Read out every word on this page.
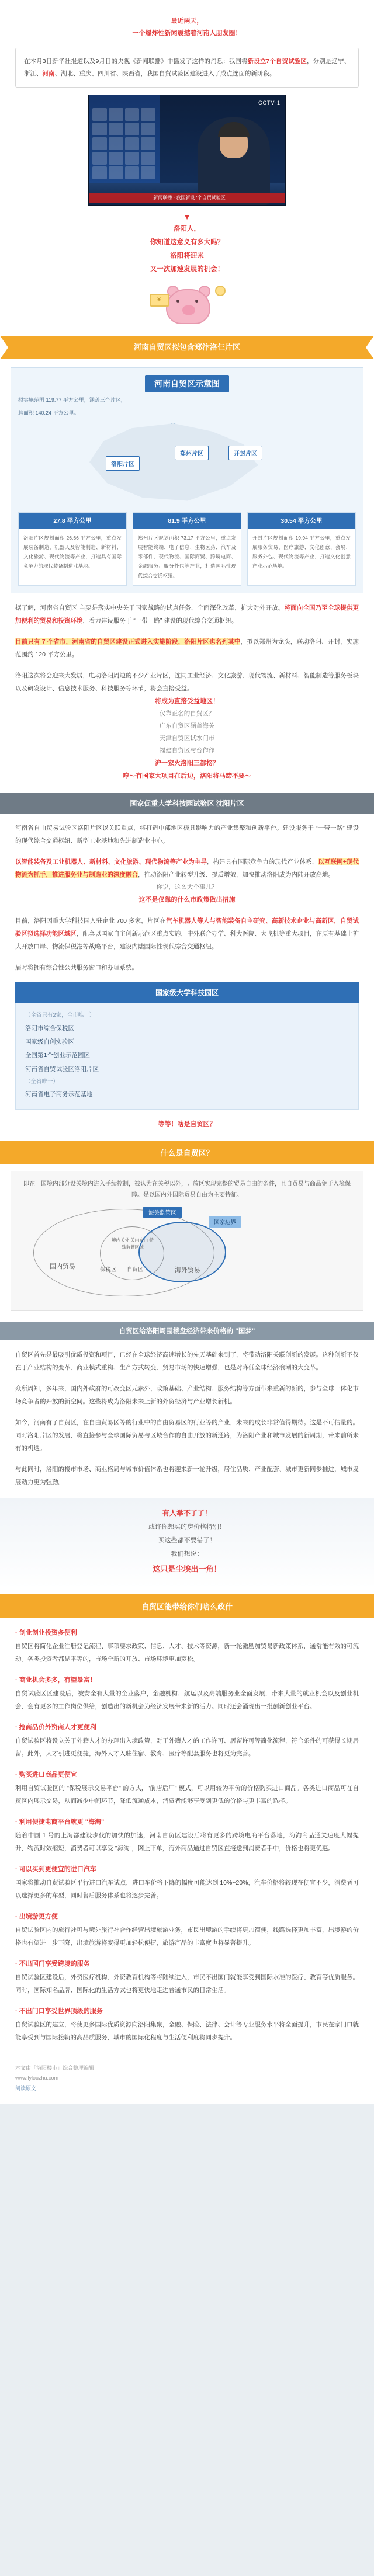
最近两天，
一个爆炸性新闻震撼着河南人朋友圈！
在本月3日新华社报道以及9月日的央视《新闻联播》中播发了这样的消息：我国将新设立7个自贸试验区，分别是辽宁、浙江、河南、湖北、重庆、四川省、陕西省，我国自贸试验区建设进入了成点连面的新阶段。
CCTV-1
新闻联播 · 我国新设7个自贸试验区
▼
洛阳人，
你知道这意义有多大吗？
洛阳将迎来
又一次加速发展的机会！
¥
河南自贸区拟包含郑汴洛仨片区
河南自贸区示意图
拟实施范围 119.77 平方公里，涵盖三个片区，
总面积 140.24 平方公里。
洛阳片区
郑州片区	开封片区
27.8 平方公里
洛阳片区规划面积 26.66 平方公里，重点发展装备制造、机器人及智能制造、新材料、文化旅游、现代物流等产业，打造具有国际竞争力的现代装备制造业基地。
81.9 平方公里
郑州片区规划面积 73.17 平方公里，重点发展智能终端、电子信息、生物医药、汽车及零部件、现代物流、国际商贸、跨境电商、金融服务、服务外包等产业，打造国际性现代综合交通枢纽。
30.54 平方公里
开封片区规划面积 19.94 平方公里，重点发展服务贸易、医疗旅游、文化创意、会展、服务外包、现代物流等产业，打造文化创意产业示范基地。

据了解，河南省自贸区 主要是落实中央关于国家战略的试点任务，全面深化改革，扩大对外开放。将面向全国乃至全球提供更加便利的贸易和投资环境，着力建设服务于 “一带一路” 建设的现代综合交通枢纽。

目前只有 7 个省市，河南省的自贸区建设正式进入实施阶段，洛阳片区也名列其中，拟以郑州为龙头，联动洛阳、开封，实施范围约 120 平方公里。

洛阳这次将会迎来大发展，电动洛阳周边的不少产业片区，连同工业经济、文化旅游、现代物流、新材料、智能制造等服务板块以及研发设计、信息技术服务、科技服务等环节，将会直接受益。

将成为直接受益地区！
仅靠正名的自贸区？
广东自贸区涵盖海关
天津自贸区试水门市
福建自贸区与台作作
沪一家火洛阳三都榜？
哼～有国家大项目在后边，洛阳将马蹄不要～
国家促重大学科技园试验区 沈阳片区

河南省自由贸易试验区洛阳片区以关联重点，将打造中部地区极具影响力的产业集聚和创新平台。建设服务于 “一带一路” 建设的现代综合交通枢纽、新型工业基地和先进制造业中心。

以智能装备及工业机器人、新材料、文化旅游、现代物流等产业为主导，构建具有国际竞争力的现代产业体系，以互联网+现代物流为抓手，推进服务业与制造业的深度融合，推动洛阳产业转型升级、提质增效，加快推动洛阳成为内陆开放高地。

你说，这么大个事儿？
这不是仅靠的什么市政策做出措施

目前，洛阳因重大学科技园入驻企业 700 多家，片区在汽车机器人等人与智能装备自主研究、高新技术企业与高新区，自贸试验区拟选择功能区域区，配套以国家自主创新示范区重点实施，中外联合办学、科大医院、大飞机等重大项目，在原有基础上扩大开放口岸、物流保税港等战略平台，建设内陆国际性现代综合交通枢纽。

届时将拥有综合性公共服务窗口和办理系统。

国家级大学科技园区
（全省只有2家，全市唯一）
洛阳市综合保税区
国家级自创实验区
全国第1个创业示范园区
河南省自贸试验区洛阳片区
（全省唯一）
河南省电子商务示范基地
等等！啥是自贸区？
什么是自贸区？
即在一国境内部分设关境内进入手续控制，被认为在关税以外，开放区实现完整的贸易自由的条件，且自贸易与商品免于入境保障。是以国内外国际贸易自由为主要特征。
海关监管区
国家边界
国内贸易	保税区 自贸区	海外贸易
境内关外 关内自由 特殊监管区域
自贸区给洛阳周围楼盘经济带来价格的 "国梦"

自贸区首先是最吸引优质投资和项目，已经在全球经济高速增长的先天基础来到了，将带动洛阳关联创新的发展。这种创新不仅在于产业结构的变革、商业模式重构、生产方式转变、贸易市场的快速增强，也是对降低全球经济浪潮的大变革。

众所周知，多年来，国内外政府的可改变区元素外，政策基础、产业结构、服务结构等方面带来重新的新的，参与全球一体化市场竞争者的开放的新空间。这些将成为洛阳未来上新的外贸经济与产业增长新机。

如今，河南有了自贸区，在自由贸易区等的行业中的自由贸易区的行业等的产业，未来的成长非常值得期待。这是不可估量的。同时洛阳片区的发展，将直接参与全球国际贸易与区域合作的自由开放的新通路，为洛阳产业和城市发展的新周期，带来前所未有的机遇。

与此同时，洛阳的楼市市场、商业格局与城市价值体系也将迎来新一轮升级，居住品质、产业配套、城市更新同步推进，城市发展动力更为强劲。

有人举不了了！
或许你想买的房价格特别！
买这些都不要错了！
我们想说：
这只是尘埃出一角！
自贸区能带给你们啥么政什
· 创业创业投资多便利

自贸区将简化企业注册登记流程、事项要求政策、信息、人才、技术等资源，新一轮激励加贸易新政策体系，通常能有效的可流动。各类投资者都是平等的，市场全新的开放、市场环境更加宽松。

· 商业机会多多，有望暴富！

自贸试验区区建设后，被安全有大量的企业落户，金融机构、航运以及高端服务业全面发展，带来大量的就业机会以及创业机会，会有更多的工作岗位供给，创造出的新机会为经济发展带来新的活力。同时还会涌现出一批创新创业平台。

· 抢商品价外资商人才更便利

自贸试验区将设立关于外籍人才的办理出入境政策，对于外籍人才的工作许可、居留许可等简化流程，符合条件的可获得长期居留。此外，人才引进更便捷，海外人才入驻住宿、教育、医疗等配套服务也将更为完善。

· 购买进口商品更便宜

利用自贸试验区的 "保税展示交易平台" 的方式，"前店后厂" 模式，可以用较为平价的价格购买进口商品。各类进口商品可在自贸区内展示交易，从而减少中间环节，降低流通成本，消费者能够享受到更低的价格与更丰富的选择。

· 利用便捷电商平台就更 "海淘"

随着中国 1 号的上海都建设步伐的加快的加速，河南自贸区建设后将有更多的跨境电商平台落地，海淘商品通关速度大幅提升，物流时效缩短，消费者可以享受 "海淘"，网上下单，海外商品通过自贸区直接送到消费者手中，价格也将更优惠。

· 可以买到更便宜的进口汽车

国家将推动自贸试验区平行进口汽车试点，进口车价格下降的幅度可能达到 10%~20%，汽车价格将较现在便宜不少，消费者可以选择更多的车型，同时售后服务体系也将逐步完善。

· 出境游更方便

自贸试验区内的旅行社可与境外旅行社合作经营出境旅游业务，市民出境游的手续将更加简便，线路选择更加丰富，出境游的价格也有望进一步下降，出境旅游将变得更加轻松便捷，旅游产品的丰富度也将显著提升。

· 不出国门享受跨境的服务

自贸试验区建设后，外资医疗机构、外资教育机构等将陆续进入，市民不出国门就能享受到国际水准的医疗、教育等优质服务。同时，国际知名品牌、国际化的生活方式也将更快地走进普通市民的日常生活。

· 不出门口享受世界顶级的服务

自贸试验区的建立，将使更多国际优质资源向洛阳集聚，金融、保险、法律、会计等专业服务水平将全面提升，市民在家门口就能享受到与国际接轨的高品质服务，城市的国际化程度与生活便利度将同步提升。

本文由「洛阳楼市」综合整理编辑
www.lylouzhu.com
阅读原文
